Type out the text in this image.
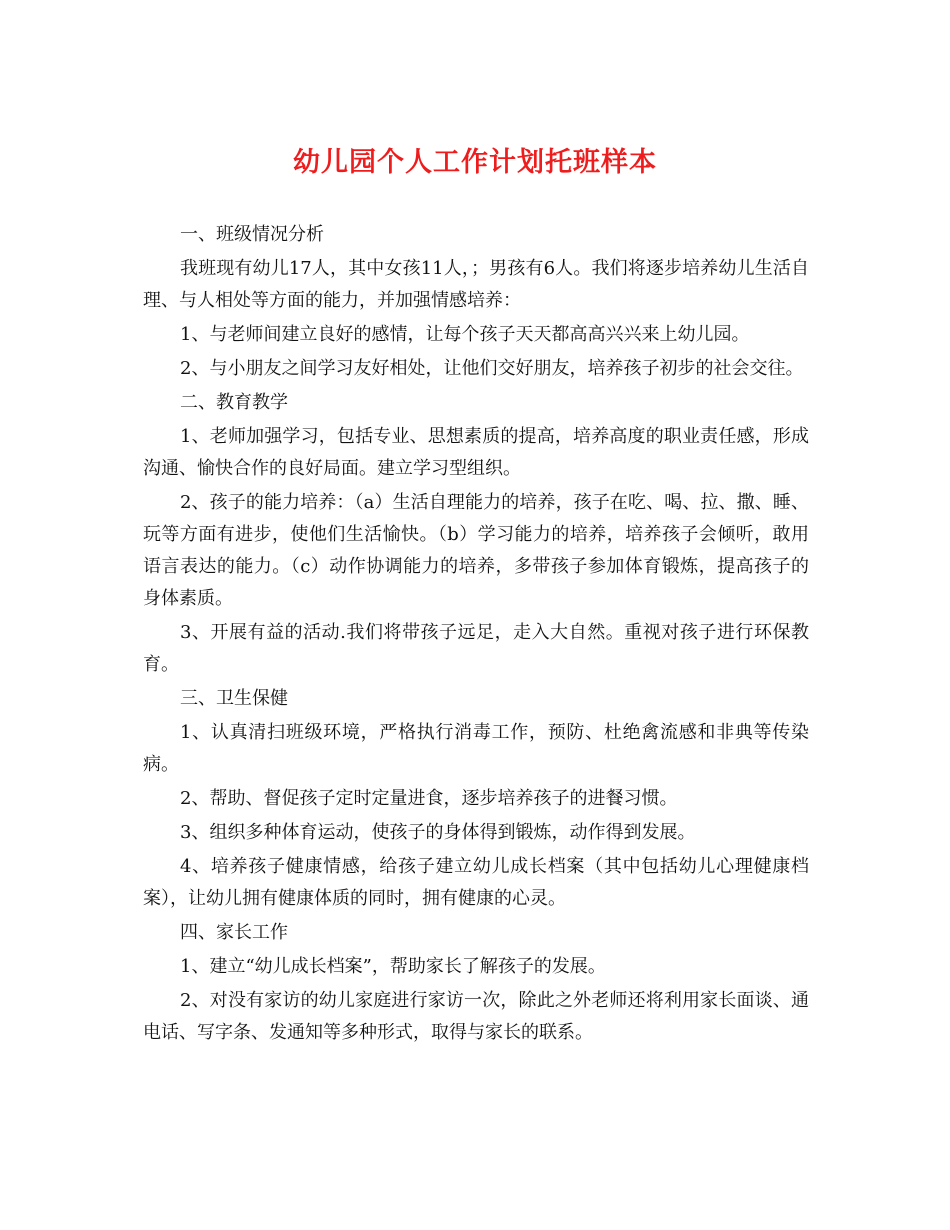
幼儿园个人工作计划托班样本

一、班级情况分析

我班现有幼儿17人，其中女孩11人，；男孩有6人。我们将逐步培养幼儿生活自理、与人相处等方面的能力，并加强情感培养：

1、与老师间建立良好的感情，让每个孩子天天都高高兴兴来上幼儿园。

2、与小朋友之间学习友好相处，让他们交好朋友，培养孩子初步的社会交往。

二、教育教学

1、老师加强学习，包括专业、思想素质的提高，培养高度的职业责任感，形成沟通、愉快合作的良好局面。建立学习型组织。

2、孩子的能力培养：（a）生活自理能力的培养，孩子在吃、喝、拉、撒、睡、玩等方面有进步，使他们生活愉快。（b）学习能力的培养，培养孩子会倾听，敢用语言表达的能力。（c）动作协调能力的培养，多带孩子参加体育锻炼，提高孩子的身体素质。

3、开展有益的活动.我们将带孩子远足，走入大自然。重视对孩子进行环保教育。

三、卫生保健

1、认真清扫班级环境，严格执行消毒工作，预防、杜绝禽流感和非典等传染病。

2、帮助、督促孩子定时定量进食，逐步培养孩子的进餐习惯。

3、组织多种体育运动，使孩子的身体得到锻炼，动作得到发展。

4、培养孩子健康情感，给孩子建立幼儿成长档案（其中包括幼儿心理健康档案），让幼儿拥有健康体质的同时，拥有健康的心灵。

四、家长工作

1、建立“幼儿成长档案”，帮助家长了解孩子的发展。

2、对没有家访的幼儿家庭进行家访一次，除此之外老师还将利用家长面谈、通电话、写字条、发通知等多种形式，取得与家长的联系。
